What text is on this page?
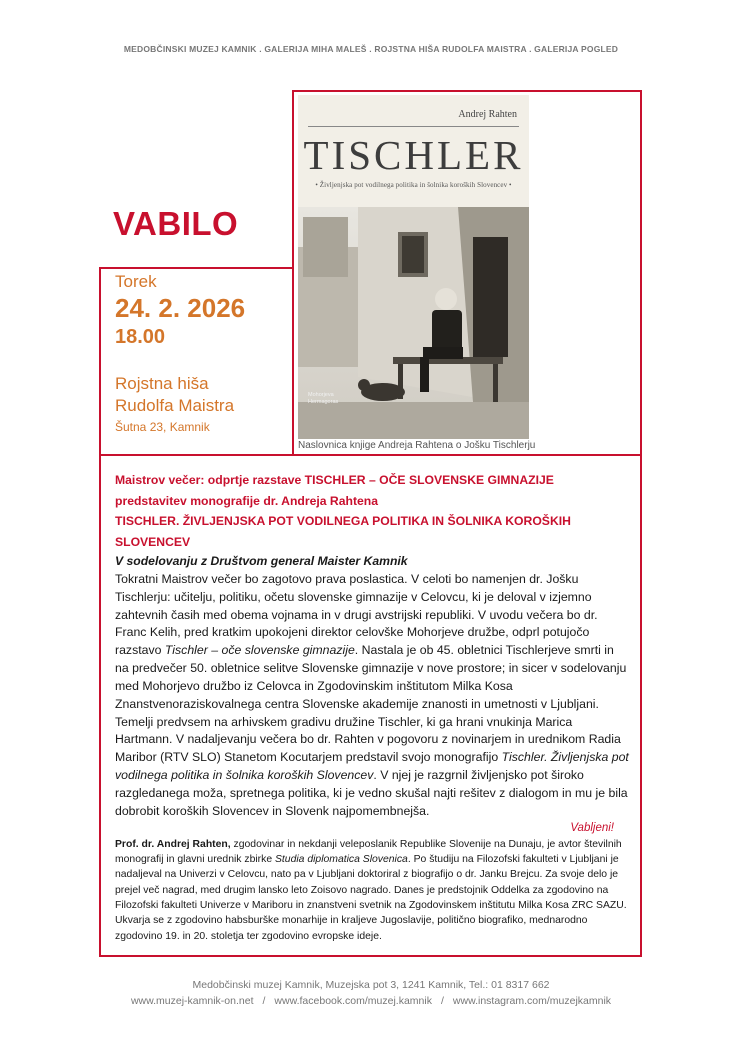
MEDOBČINSKI MUZEJ KAMNIK . GALERIJA MIHA MALEŠ . ROJSTNA HIŠA RUDOLFA MAISTRA . GALERIJA POGLED
VABILO
Torek
24. 2. 2026
18.00
Rojstna hiša
Rudolfa Maistra
Šutna 23, Kamnik
Andrej Rahten
TISCHLER
• Življenjska pot vodilnega politika in šolnika koroških Slovencev •
Mohorjeva
Hermagoras
Naslovnica knjige Andreja Rahtena o Jošku Tischlerju
Maistrov večer: odprtje razstave TISCHLER – OČE SLOVENSKE GIMNAZIJE
predstavitev monografije dr. Andreja Rahtena
TISCHLER. ŽIVLJENJSKA POT VODILNEGA POLITIKA IN ŠOLNIKA KOROŠKIH SLOVENCEV
V sodelovanju z Društvom general Maister Kamnik
Tokratni Maistrov večer bo zagotovo prava poslastica. V celoti bo namenjen dr. Jošku Tischlerju: učitelju, politiku, očetu slovenske gimnazije v Celovcu, ki je deloval v izjemno zahtevnih časih med obema vojnama in v drugi avstrijski republiki. V uvodu večera bo dr. Franc Kelih, pred kratkim upokojeni direktor celovške Mohorjeve družbe, odprl potujočo razstavo Tischler – oče slovenske gimnazije. Nastala je ob 45. obletnici Tischlerjeve smrti in na predvečer 50. obletnice selitve Slovenske gimnazije v nove prostore; in sicer v sodelovanju med Mohorjevo družbo iz Celovca in Zgodovinskim inštitutom Milka Kosa Znanstvenoraziskovalnega centra Slovenske akademije znanosti in umetnosti v Ljubljani. Temelji predvsem na arhivskem gradivu družine Tischler, ki ga hrani vnukinja Marica Hartmann. V nadaljevanju večera bo dr. Rahten v pogovoru z novinarjem in urednikom Radia Maribor (RTV SLO) Stanetom Kocutarjem predstavil svojo monografijo Tischler. Življenjska pot vodilnega politika in šolnika koroških Slovencev. V njej je razgrnil življenjsko pot široko razgledanega moža, spretnega politika, ki je vedno skušal najti rešitev z dialogom in mu je bila dobrobit koroških Slovencev in Slovenk najpomembnejša.
Vabljeni!
Prof. dr. Andrej Rahten, zgodovinar in nekdanji veleposlanik Republike Slovenije na Dunaju, je avtor številnih monografij in glavni urednik zbirke Studia diplomatica Slovenica. Po študiju na Filozofski fakulteti v Ljubljani je nadaljeval na Univerzi v Celovcu, nato pa v Ljubljani doktoriral z biografijo o dr. Janku Brejcu. Za svoje delo je prejel več nagrad, med drugim lansko leto Zoisovo nagrado. Danes je predstojnik Oddelka za zgodovino na Filozofski fakulteti Univerze v Mariboru in znanstveni svetnik na Zgodovinskem inštitutu Milka Kosa ZRC SAZU. Ukvarja se z zgodovino habsburške monarhije in kraljeve Jugoslavije, politično biografiko, mednarodno zgodovino 19. in 20. stoletja ter zgodovino evropske ideje.
Medobčinski muzej Kamnik, Muzejska pot 3, 1241 Kamnik, Tel.: 01 8317 662
www.muzej-kamnik-on.net / www.facebook.com/muzej.kamnik / www.instagram.com/muzejkamnik
